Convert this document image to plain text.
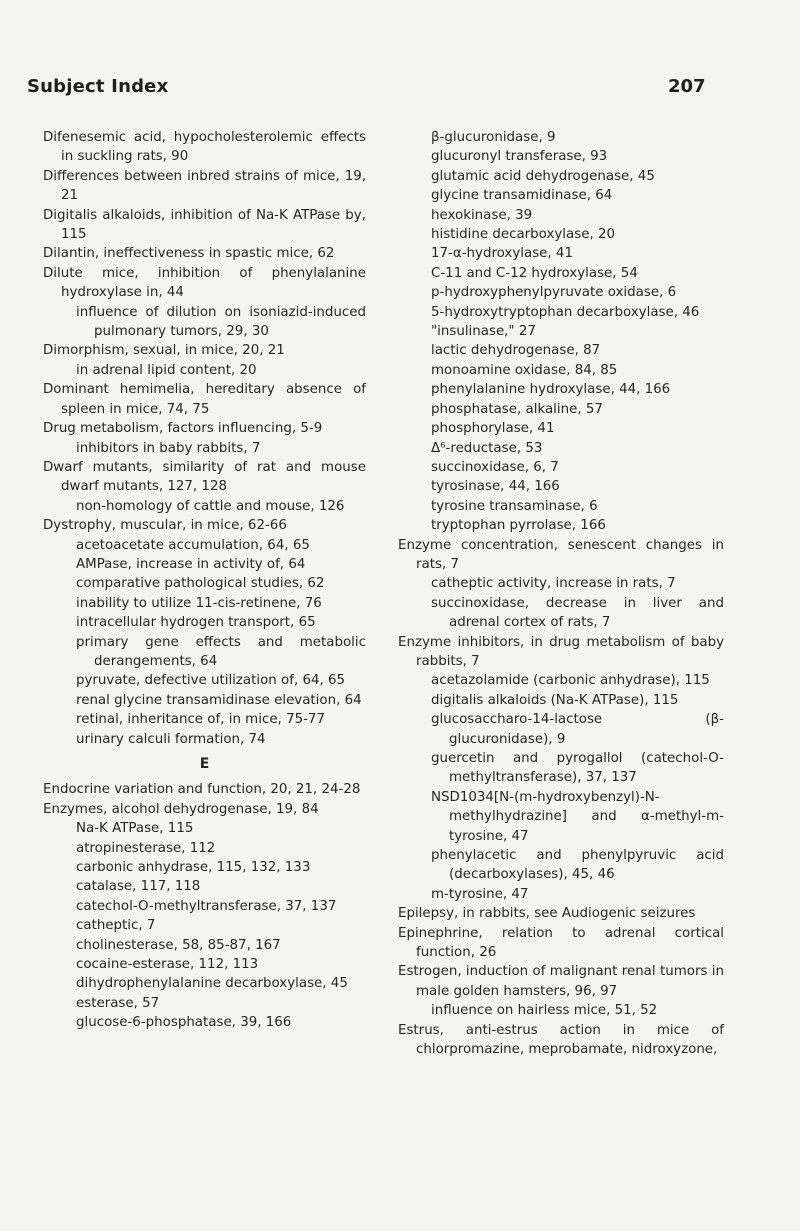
Subject Index	207
Difenesemic acid, hypocholesterolemic effects in suckling rats, 90
Differences between inbred strains of mice, 19, 21
Digitalis alkaloids, inhibition of Na-K ATPase by, 115
Dilantin, ineffectiveness in spastic mice, 62
Dilute mice, inhibition of phenylalanine hydroxylase in, 44
influence of dilution on isoniazid-induced pulmonary tumors, 29, 30
Dimorphism, sexual, in mice, 20, 21
in adrenal lipid content, 20
Dominant hemimelia, hereditary absence of spleen in mice, 74, 75
Drug metabolism, factors influencing, 5-9
inhibitors in baby rabbits, 7
Dwarf mutants, similarity of rat and mouse dwarf mutants, 127, 128
non-homology of cattle and mouse, 126
Dystrophy, muscular, in mice, 62-66
acetoacetate accumulation, 64, 65
AMPase, increase in activity of, 64
comparative pathological studies, 62
inability to utilize 11-cis-retinene, 76
intracellular hydrogen transport, 65
primary gene effects and metabolic derangements, 64
pyruvate, defective utilization of, 64, 65
renal glycine transamidinase elevation, 64
retinal, inheritance of, in mice, 75-77
urinary calculi formation, 74
E
Endocrine variation and function, 20, 21, 24-28
Enzymes, alcohol dehydrogenase, 19, 84
Na-K ATPase, 115
atropinesterase, 112
carbonic anhydrase, 115, 132, 133
catalase, 117, 118
catechol-O-methyltransferase, 37, 137
catheptic, 7
cholinesterase, 58, 85-87, 167
cocaine-esterase, 112, 113
dihydrophenylalanine decarboxylase, 45
esterase, 57
glucose-6-phosphatase, 39, 166
β-glucuronidase, 9
glucuronyl transferase, 93
glutamic acid dehydrogenase, 45
glycine transamidinase, 64
hexokinase, 39
histidine decarboxylase, 20
17-α-hydroxylase, 41
C-11 and C-12 hydroxylase, 54
p-hydroxyphenylpyruvate oxidase, 6
5-hydroxytryptophan decarboxylase, 46
"insulinase," 27
lactic dehydrogenase, 87
monoamine oxidase, 84, 85
phenylalanine hydroxylase, 44, 166
phosphatase, alkaline, 57
phosphorylase, 41
Δ⁶-reductase, 53
succinoxidase, 6, 7
tyrosinase, 44, 166
tyrosine transaminase, 6
tryptophan pyrrolase, 166
Enzyme concentration, senescent changes in rats, 7
catheptic activity, increase in rats, 7
succinoxidase, decrease in liver and adrenal cortex of rats, 7
Enzyme inhibitors, in drug metabolism of baby rabbits, 7
acetazolamide (carbonic anhydrase), 115
digitalis alkaloids (Na-K ATPase), 115
glucosaccharo-14-lactose (β-glucuronidase), 9
guercetin and pyrogallol (catechol-O-methyltransferase), 37, 137
NSD1034[N-(m-hydroxybenzyl)-N-methylhydrazine] and α-methyl-m-tyrosine, 47
phenylacetic and phenylpyruvic acid (decarboxylases), 45, 46
m-tyrosine, 47
Epilepsy, in rabbits, see Audiogenic seizures
Epinephrine, relation to adrenal cortical function, 26
Estrogen, induction of malignant renal tumors in male golden hamsters, 96, 97
influence on hairless mice, 51, 52
Estrus, anti-estrus action in mice of chlorpromazine, meprobamate, nidroxyzone,
